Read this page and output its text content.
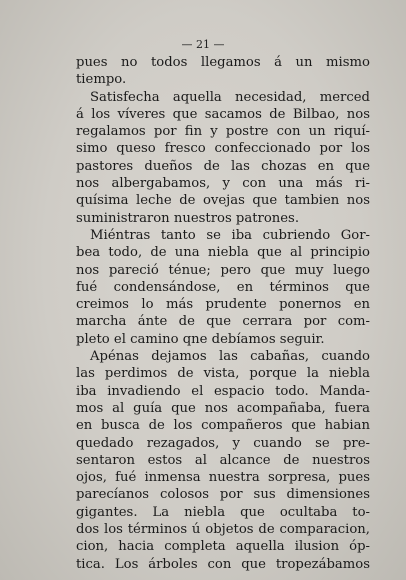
— 21 —
pues no todos llegamos á un mismo
tiempo.
Satisfecha aquella necesidad, merced
á los víveres que sacamos de Bilbao, nos
regalamos por fin y postre con un riquí-
simo queso fresco confeccionado por los
pastores dueños de las chozas en que
nos albergabamos, y con una más ri-
quísima leche de ovejas que tambien nos
suministraron nuestros patrones.
Miéntras tanto se iba cubriendo Gor-
bea todo, de una niebla que al principio
nos pareció ténue; pero que muy luego
fué condensándose, en términos que
creimos lo más prudente ponernos en
marcha ánte de que cerrara por com-
pleto el camino qne debíamos seguir.
Apénas dejamos las cabañas, cuando
las perdimos de vista, porque la niebla
iba invadiendo el espacio todo. Manda-
mos al guía que nos acompañaba, fuera
en busca de los compañeros que habian
quedado rezagados, y cuando se pre-
sentaron estos al alcance de nuestros
ojos, fué inmensa nuestra sorpresa, pues
parecíanos colosos por sus dimensiones
gigantes. La niebla que ocultaba to-
dos los términos ú objetos de comparacion,
cion, hacia completa aquella ilusion óp-
tica. Los árboles con que tropezábamos
